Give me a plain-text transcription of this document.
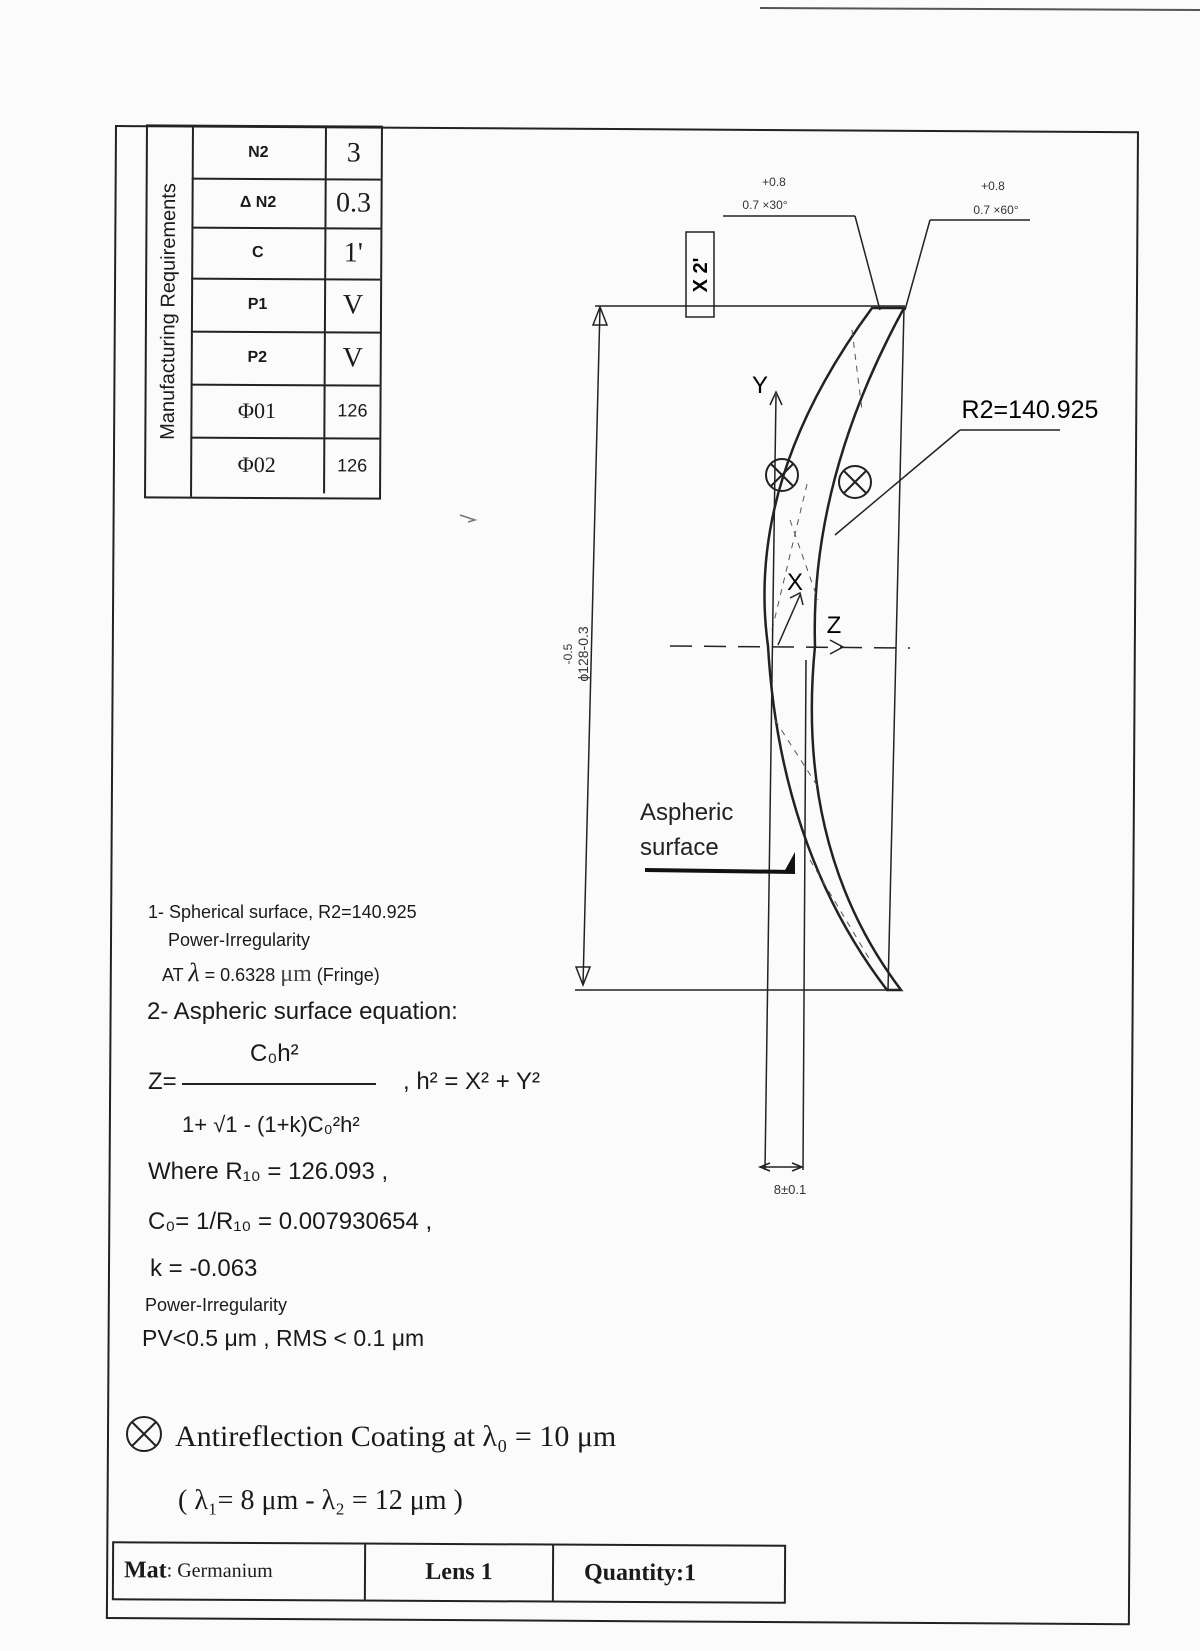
Manufacturing Requirements
N2	3
Δ N2	0.3
C	1'
P1	V
P2	V
Φ01	126
Φ02	126
+0.8
0.7 ×30°
+0.8
0.7 ×60°
X 2'
ϕ128-0.3
-0.5
Z
Y
X
8±0.1
R2=140.925
Aspheric
surface
1- Spherical surface, R2=140.925
Power-Irregularity
AT λ = 0.6328 μm (Fringe)
2- Aspheric surface equation:
Z=
C₀h²
1+ √1 - (1+k)C₀²h²
, h² = X² + Y²
Where R₁₀ = 126.093 ,
C₀= 1/R₁₀ = 0.007930654 ,
k = -0.063
Power-Irregularity
PV<0.5 μm , RMS < 0.1 μm
Antireflection Coating at λ₀ = 10 μm
( λ₁= 8 μm - λ₂ = 12 μm )
Mat : Germanium	Lens 1	Quantity:1
